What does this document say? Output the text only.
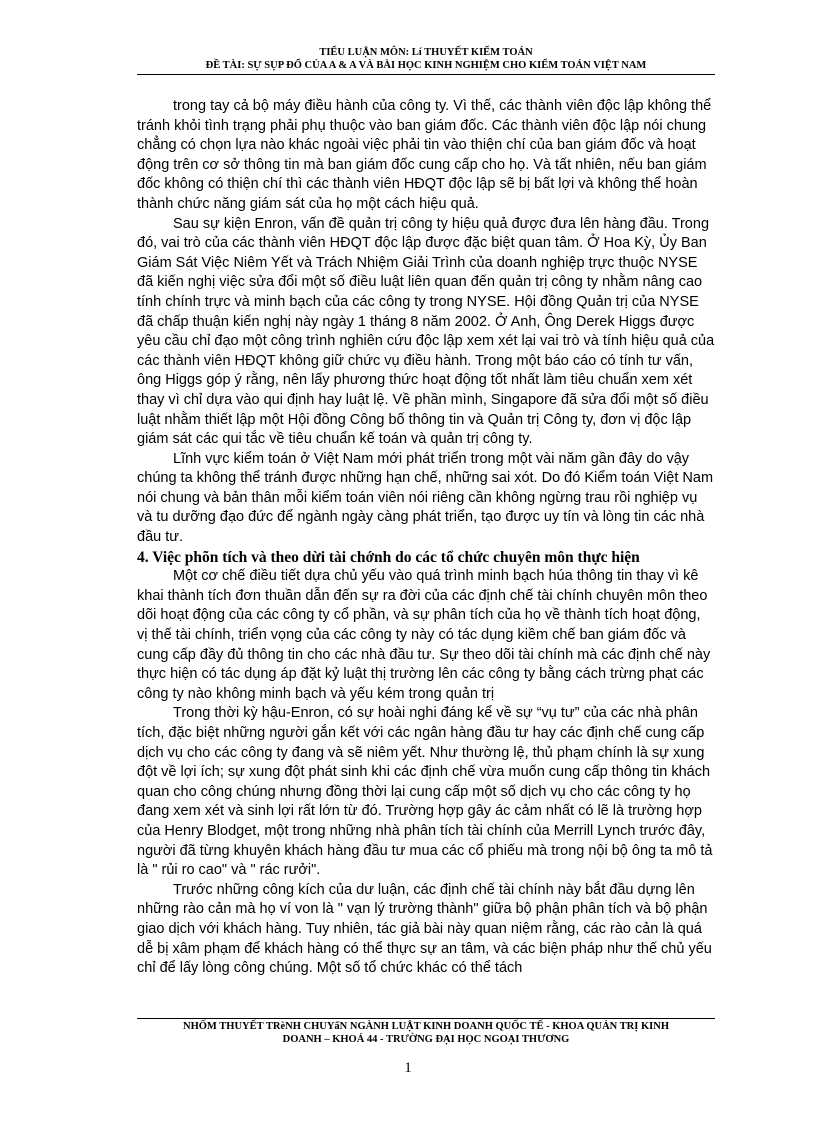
TIỂU LUẬN MÔN: Lí THUYẾT KIỂM TOÁN
ĐỀ TÀI: SỰ SỤP ĐỔ CỦA A & A VÀ BÀI HỌC KINH NGHIỆM CHO KIỂM TOÁN VIỆT NAM

trong tay cả bộ máy điều hành của công ty. Vì thế, các thành viên độc lập không thể tránh khỏi tình trạng phải phụ thuộc vào ban giám đốc. Các thành viên độc lập nói chung chẳng có chọn lựa nào khác ngoài việc phải tin vào thiện chí của ban giám đốc và hoạt động trên cơ sở thông tin mà ban giám đốc cung cấp cho họ. Và tất nhiên, nếu ban giám đốc không có thiện chí thì các thành viên HĐQT độc lập sẽ bị bất lợi và không thể hoàn thành chức năng giám sát của họ một cách hiệu quả.

Sau sự kiện Enron, vấn đề quản trị công ty hiệu quả được đưa lên hàng đầu. Trong đó, vai trò của các thành viên HĐQT độc lập được đặc biệt quan tâm. Ở Hoa Kỳ, Ủy Ban Giám Sát Việc Niêm Yết và Trách Nhiệm Giải Trình của doanh nghiệp trực thuộc NYSE đã kiến nghị việc sửa đổi một số điều luật liên quan đến quản trị công ty nhằm nâng cao tính chính trực và minh bạch của các công ty trong NYSE. Hội đồng Quản trị của NYSE đã chấp thuận kiến nghị này ngày 1 tháng 8 năm 2002. Ở Anh, Ông Derek Higgs được yêu cầu chỉ đạo một công trình nghiên cứu độc lập xem xét lại vai trò và tính hiệu quả của các thành viên HĐQT không giữ chức vụ điều hành. Trong một báo cáo có tính tư vấn, ông Higgs góp ý rằng, nên lấy phương thức hoạt động tốt nhất làm tiêu chuẩn xem xét thay vì chỉ dựa vào qui định hay luật lệ. Về phần mình, Singapore đã sửa đổi một số điều luật nhằm thiết lập một Hội đồng Công bố thông tin và Quản trị Công ty, đơn vị độc lập giám sát các qui tắc về tiêu chuẩn kế toán và quản trị công ty.

Lĩnh vực kiểm toán ở Việt Nam mới phát triển trong một vài năm gần đây do vậy chúng ta không thể tránh được những hạn chế, những sai xót. Do đó Kiểm toán Việt Nam nói chung và bản thân mỗi kiểm toán viên nói riêng cần không ngừng trau rồi nghiệp vụ và tu dưỡng đạo đức để ngành ngày càng phát triển, tạo được uy tín và lòng tin các nhà đầu tư.

4. Việc phõn tích và theo dừi tài chớnh do các tổ chức chuyên môn thực hiện

Một cơ chế điều tiết dựa chủ yếu vào quá trình minh bạch húa thông tin thay vì kê khai thành tích đơn thuần dẫn đến sự ra đời của các định chế tài chính chuyên môn theo dõi hoạt động của các công ty cổ phần, và sự phân tích của họ về thành tích hoạt động, vị thế tài chính, triển vọng của các công ty này có tác dụng kiềm chế ban giám đốc và cung cấp đầy đủ thông tin cho các nhà đầu tư. Sự theo dõi tài chính mà các định chế này thực hiện có tác dụng áp đặt kỷ luật thị trường lên các công ty bằng cách trừng phạt các công ty nào không minh bạch và yếu kém trong quản trị

Trong thời kỳ hậu-Enron, có sự hoài nghi đáng kể về sự “vụ tư” của các nhà phân tích, đặc biệt những người gắn kết với các ngân hàng đầu tư hay các định chế cung cấp dịch vụ cho các công ty đang và sẽ niêm yết. Như thường lệ, thủ phạm chính là sự xung đột về lợi ích; sự xung đột phát sinh khi các định chế vừa muốn cung cấp thông tin khách quan cho công chúng nhưng đồng thời lại cung cấp một số dịch vụ cho các công ty họ đang xem xét và sinh lợi rất lớn từ đó. Trường hợp gây ác cảm nhất có lẽ là trường hợp của Henry Blodget, một trong những nhà phân tích tài chính của Merrill Lynch trước đây, người đã từng khuyên khách hàng đầu tư mua các cổ phiếu mà trong nội bộ ông ta mô tả là " rủi ro cao" và " rác rưởi".

Trước những công kích của dư luận, các định chế tài chính này bắt đầu dựng lên những rào cản mà họ ví von là " vạn lý trường thành" giữa bộ phận phân tích và bộ phận giao dịch với khách hàng. Tuy nhiên, tác giả bài này quan niệm rằng, các rào cản là quá dễ bị xâm phạm để khách hàng có thể thực sự an tâm, và các biện pháp như thế chủ yếu chỉ để lấy lòng công chúng. Một số tổ chức khác có thể tách

NHỐM THUYẾT TRèNH CHUYấN NGÀNH LUẬT KINH DOANH QUỐC TẾ - KHOA QUẢN TRỊ KINH
DOANH – KHOÁ 44 - TRƯỜNG ĐẠI HỌC NGOẠI THƯƠNG
1
